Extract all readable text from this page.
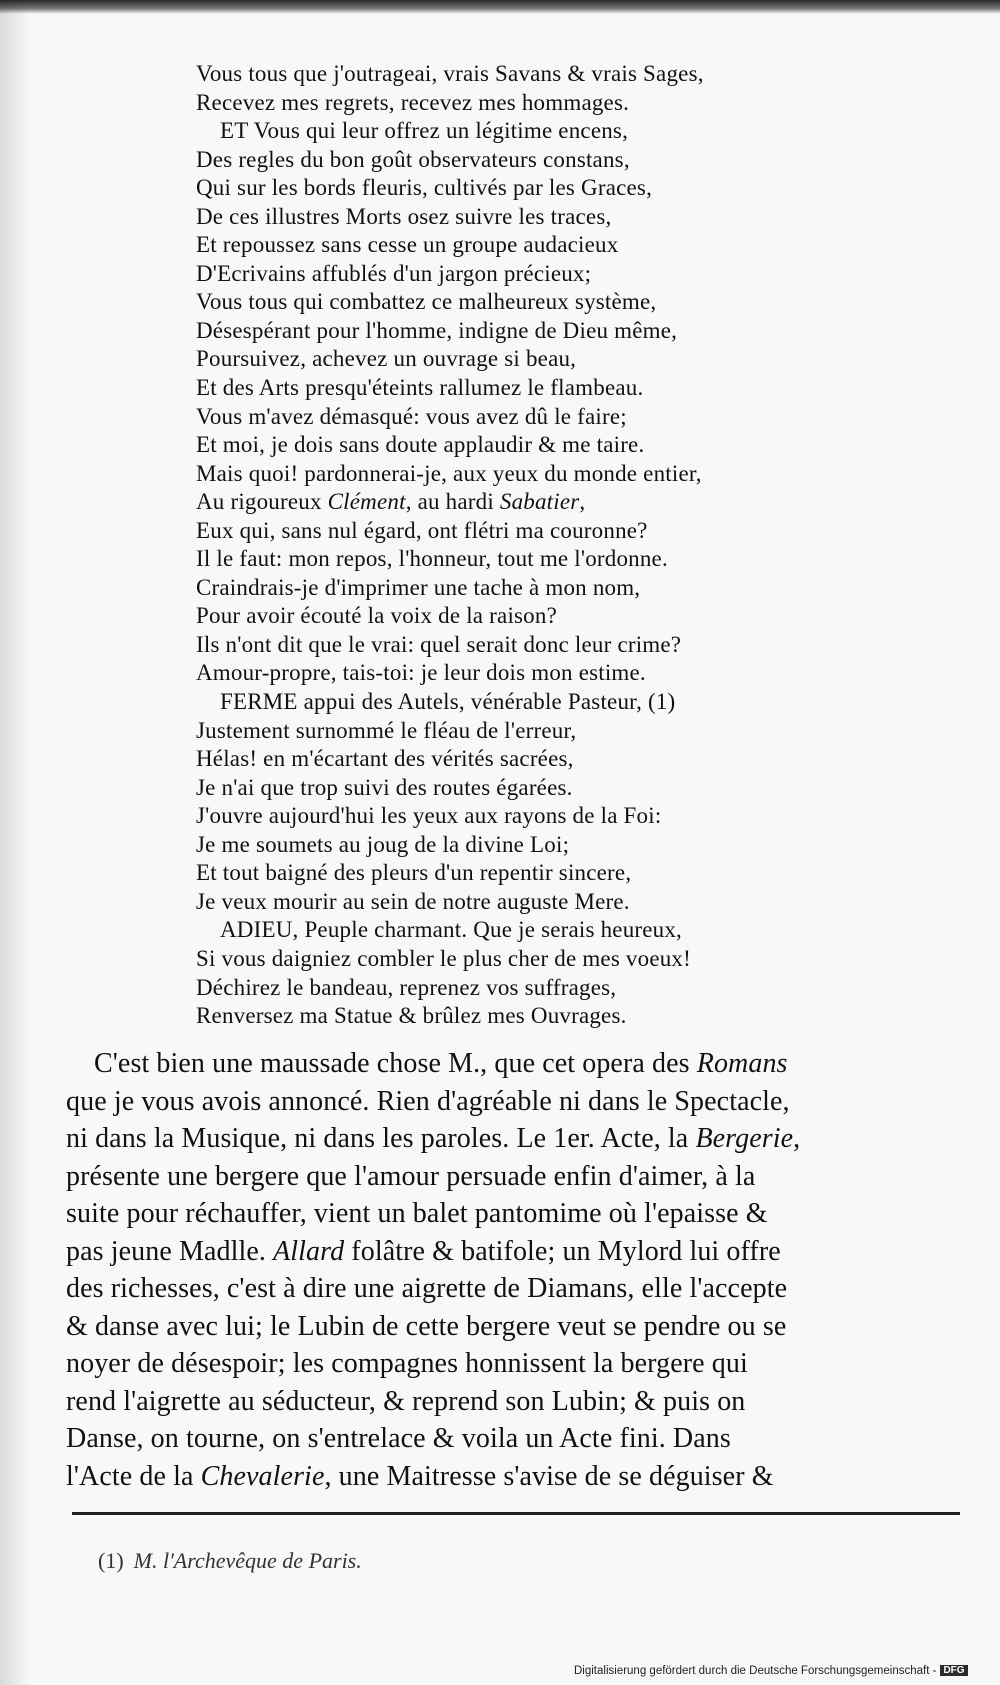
Vous tous que j'outrageai, vrais Savans & vrais Sages,
Recevez mes regrets, recevez mes hommages.
ET Vous qui leur offrez un légitime encens,
Des regles du bon goût observateurs constans,
Qui sur les bords fleuris, cultivés par les Graces,
De ces illustres Morts osez suivre les traces,
Et repoussez sans cesse un groupe audacieux
D'Ecrivains affublés d'un jargon précieux;
Vous tous qui combattez ce malheureux système,
Désespérant pour l'homme, indigne de Dieu même,
Poursuivez, achevez un ouvrage si beau,
Et des Arts presqu'éteints rallumez le flambeau.
Vous m'avez démasqué: vous avez dû le faire;
Et moi, je dois sans doute applaudir & me taire.
Mais quoi! pardonnerai-je, aux yeux du monde entier,
Au rigoureux Clément, au hardi Sabatier,
Eux qui, sans nul égard, ont flétri ma couronne?
Il le faut: mon repos, l'honneur, tout me l'ordonne.
Craindrais-je d'imprimer une tache à mon nom,
Pour avoir écouté la voix de la raison?
Ils n'ont dit que le vrai: quel serait donc leur crime?
Amour-propre, tais-toi: je leur dois mon estime.
FERME appui des Autels, vénérable Pasteur, (1)
Justement surnommé le fléau de l'erreur,
Hélas! en m'écartant des vérités sacrées,
Je n'ai que trop suivi des routes égarées.
J'ouvre aujourd'hui les yeux aux rayons de la Foi:
Je me soumets au joug de la divine Loi;
Et tout baigné des pleurs d'un repentir sincere,
Je veux mourir au sein de notre auguste Mere.
ADIEU, Peuple charmant. Que je serais heureux,
Si vous daigniez combler le plus cher de mes voeux!
Déchirez le bandeau, reprenez vos suffrages,
Renversez ma Statue & brûlez mes Ouvrages.
C'est bien une maussade chose M., que cet opera des Romans
que je vous avois annoncé. Rien d'agréable ni dans le Spectacle,
ni dans la Musique, ni dans les paroles. Le 1er. Acte, la Bergerie,
présente une bergere que l'amour persuade enfin d'aimer, à la
suite pour réchauffer, vient un balet pantomime où l'epaisse &
pas jeune Madlle. Allard folâtre & batifole; un Mylord lui offre
des richesses, c'est à dire une aigrette de Diamans, elle l'accepte
& danse avec lui; le Lubin de cette bergere veut se pendre ou se
noyer de désespoir; les compagnes honnissent la bergere qui
rend l'aigrette au séducteur, & reprend son Lubin; & puis on
Danse, on tourne, on s'entrelace & voila un Acte fini. Dans
l'Acte de la Chevalerie, une Maitresse s'avise de se déguiser &
(1) M. l'Archevêque de Paris.
Digitalisierung gefördert durch die Deutsche Forschungsgemeinschaft - DFG
